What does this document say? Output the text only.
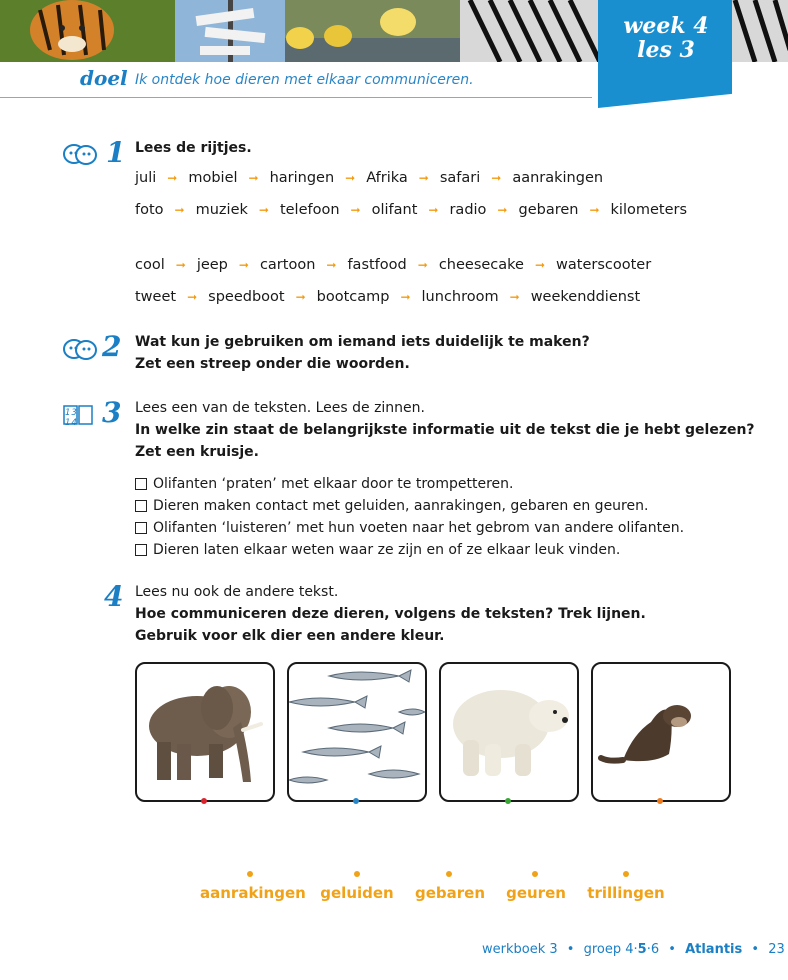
week 4
les 3
doel Ik ontdek hoe dieren met elkaar communiceren.
1 Lees de rijtjes.
juli ➞ mobiel ➞ haringen ➞ Afrika ➞ safari ➞ aanrakingen
foto ➞ muziek ➞ telefoon ➞ olifant ➞ radio ➞ gebaren ➞ kilometers
cool ➞ jeep ➞ cartoon ➞ fastfood ➞ cheesecake ➞ waterscooter
tweet ➞ speedboot ➞ bootcamp ➞ lunchroom ➞ weekenddienst
2 Wat kun je gebruiken om iemand iets duidelijk te maken?
Zet een streep onder die woorden.
13 14 3 Lees een van de teksten. Lees de zinnen.
In welke zin staat de belangrijkste informatie uit de tekst die je hebt gelezen?
Zet een kruisje.
Olifanten ‘praten’ met elkaar door te trompetteren.
Dieren maken contact met geluiden, aanrakingen, gebaren en geuren.
Olifanten ‘luisteren’ met hun voeten naar het gebrom van andere olifanten.
Dieren laten elkaar weten waar ze zijn en of ze elkaar leuk vinden.
4 Lees nu ook de andere tekst.
Hoe communiceren deze dieren, volgens de teksten? Trek lijnen.
Gebruik voor elk dier een andere kleur.
aanrakingen geluiden	gebaren	geuren	trillingen
werkboek 3 • groep 4·5·6 • Atlantis • 23
